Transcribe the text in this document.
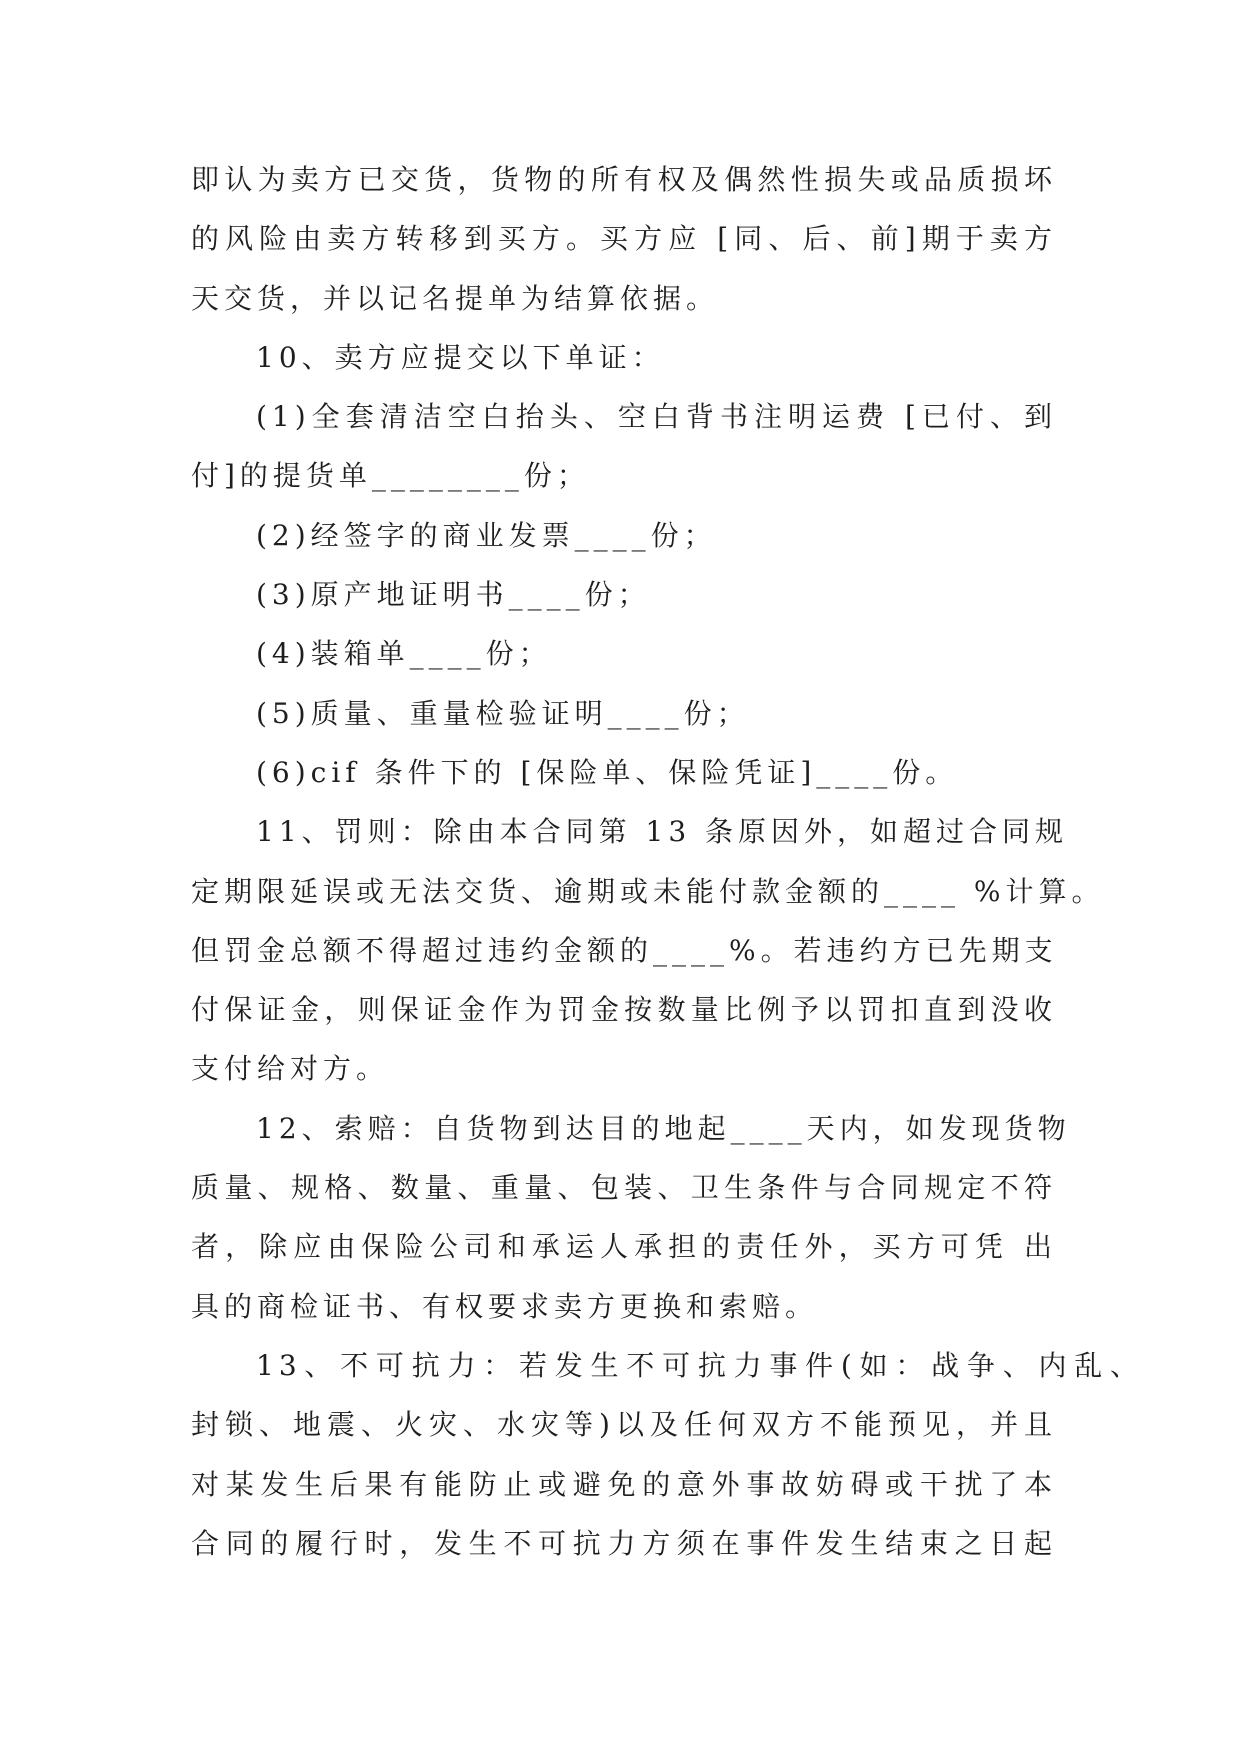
即认为卖方已交货，货物的所有权及偶然性损失或品质损坏
的风险由卖方转移到买方。买方应 [同、后、前]期于卖方
天交货，并以记名提单为结算依据。
10、卖方应提交以下单证：
(1)全套清洁空白抬头、空白背书注明运费 [已付、到
付]的提货单________份；
(2)经签字的商业发票____份；
(3)原产地证明书____份；
(4)装箱单____份；
(5)质量、重量检验证明____份；
(6)cif 条件下的 [保险单、保险凭证]____份。
11、罚则：除由本合同第 13 条原因外，如超过合同规
定期限延误或无法交货、逾期或未能付款金额的____ %计算。
但罚金总额不得超过违约金额的____%。若违约方已先期支
付保证金，则保证金作为罚金按数量比例予以罚扣直到没收
支付给对方。
12、索赔：自货物到达目的地起____天内，如发现货物
质量、规格、数量、重量、包装、卫生条件与合同规定不符
者，除应由保险公司和承运人承担的责任外，买方可凭 出
具的商检证书、有权要求卖方更换和索赔。
13、不可抗力：若发生不可抗力事件(如：战争、内乱、
封锁、地震、火灾、水灾等)以及任何双方不能预见，并且
对某发生后果有能防止或避免的意外事故妨碍或干扰了本
合同的履行时，发生不可抗力方须在事件发生结束之日起
